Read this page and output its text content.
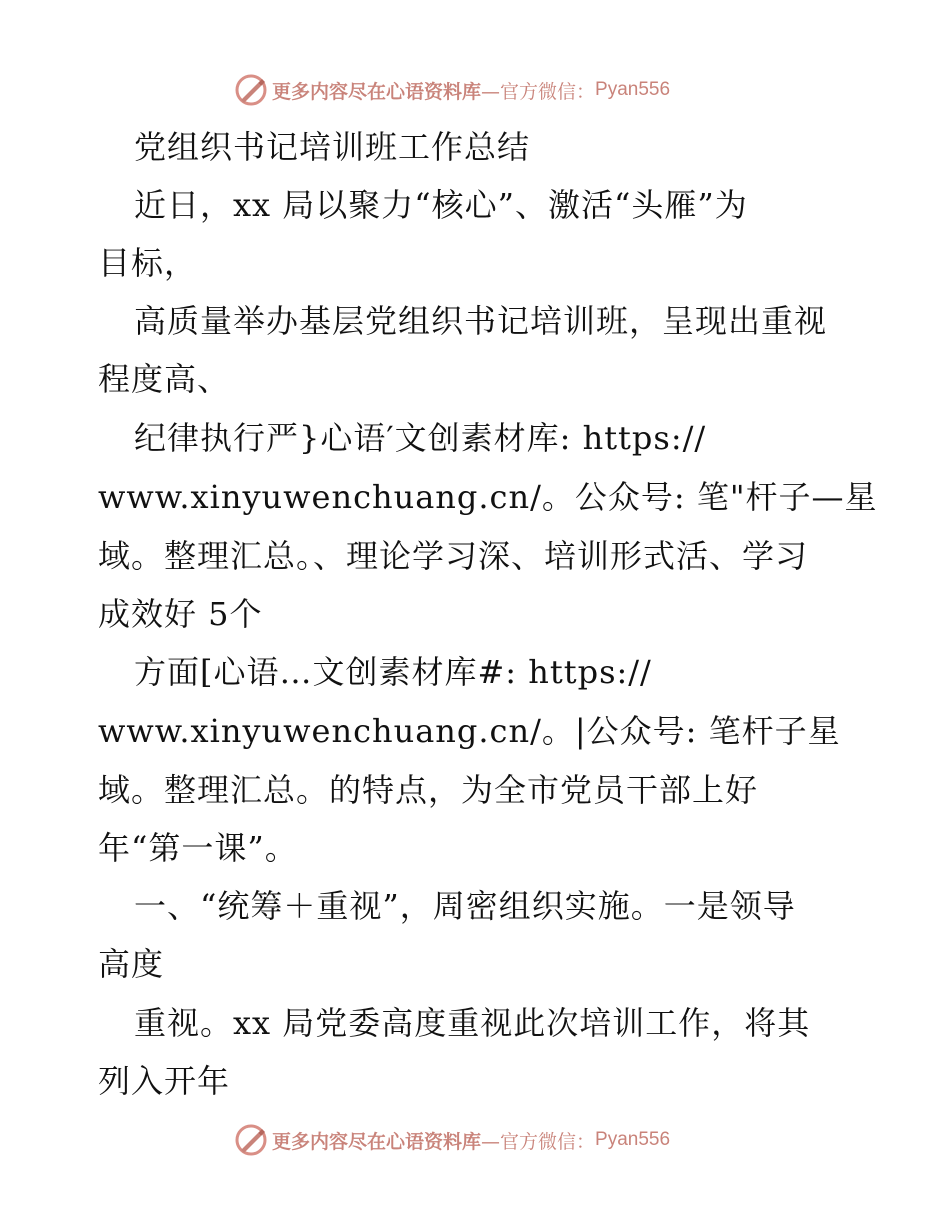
更多内容尽在心语资料库 —官方微信： Pyan556
党组织书记培训班工作总结
近日，xx 局以聚力“核心”、激活“头雁”为
目标，
高质量举办基层党组织书记培训班，呈现出重视
程度高、
纪律执行严}心语′文创素材库: https://
www.xinyuwenchuang.cn/。公众号: 笔"杆子—星
域。整理汇总。、理论学习深、培训形式活、学习
成效好 5个
方面[心语…文创素材库#: https://
www.xinyuwenchuang.cn/。|公众号: 笔杆子星
域。整理汇总。的特点，为全市党员干部上好
年“第一课”。
一、“统筹＋重视”，周密组织实施。一是领导
高度
重视。xx 局党委高度重视此次培训工作，将其
列入开年
更多内容尽在心语资料库 —官方微信： Pyan556
